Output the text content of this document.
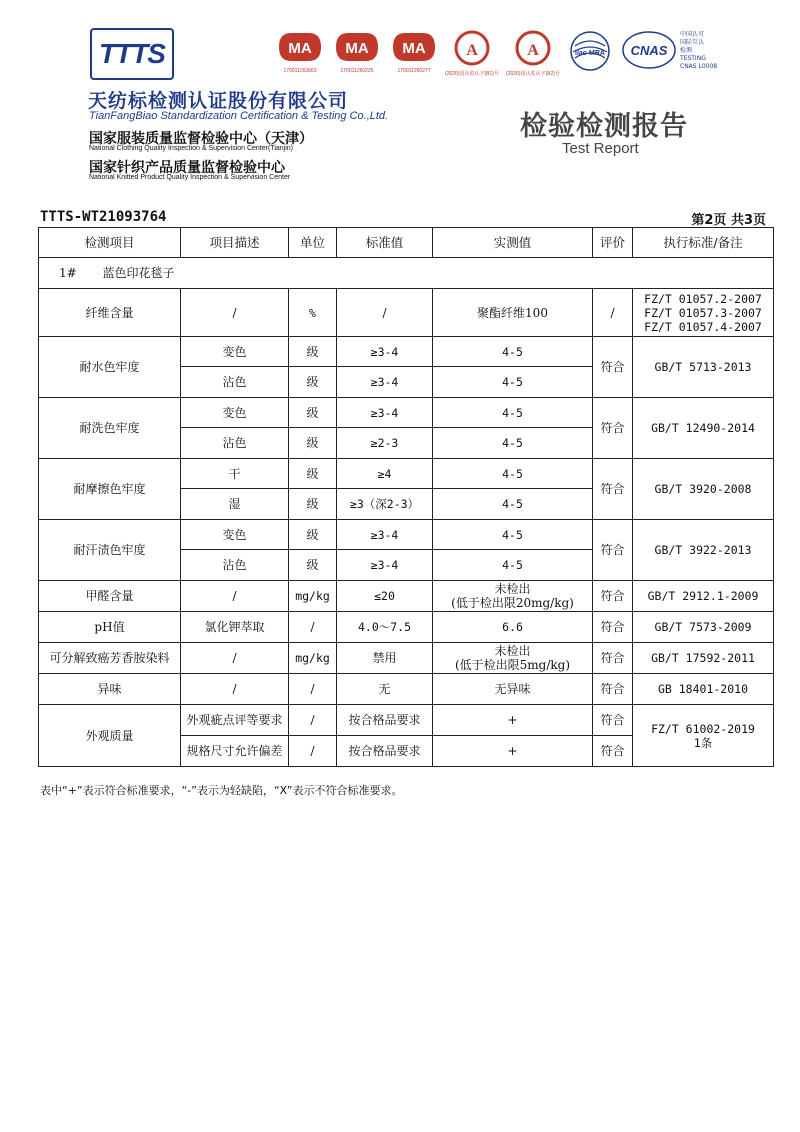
TTTS
天纺标检测认证股份有限公司
TianFangBiao Standardization Certification & Testing Co.,Ltd.
国家服装质量监督检验中心（天津）
National Clothing Quality Inspection & Supervision Center(Tianjin)
国家针织产品质量监督检验中心
National Knitted Product Quality Inspection & Supervision Center
检验检测报告
Test Report
MA
170011263663
MA
170011260226
MA
170011260277
A
(2020)国认监认字(B1)号
A
(2020)国认监认字(B2)号
ilac-MRA CNAS
中国认可
国际互认
检测
TESTING
CNAS L0008
TTTS-WT21093764	第2页 共3页
检测项目	项目描述	单位	标准值	实测值	评价	执行标准/备注
1# 蓝色印花毯子						
纤维含量	/	%	/	聚酯纤维100	/	FZ/T 01057.2-2007
FZ/T 01057.3-2007
FZ/T 01057.4-2007

耐水色牢度	变色	级	≥3-4	4-5	符合	GB/T 5713-2013
	沾色	级	≥3-4	4-5		
耐洗色牢度	变色	级	≥3-4	4-5	符合	GB/T 12490-2014
	沾色	级	≥2-3	4-5		
耐摩擦色牢度	干	级	≥4	4-5	符合	GB/T 3920-2008
	湿	级	≥3（深2-3）	4-5		
耐汗渍色牢度	变色	级	≥3-4	4-5	符合	GB/T 3922-2013
	沾色	级	≥3-4	4-5		
甲醛含量	/	mg/kg	≤20	未检出
(低于检出限20mg/kg)	符合	GB/T 2912.1-2009
pH值	氯化钾萃取	/	4.0～7.5	6.6	符合	GB/T 7573-2009
可分解致癌芳香胺染料	/	mg/kg	禁用	未检出
(低于检出限5mg/kg)	符合	GB/T 17592-2011
异味	/	/	无	无异味	符合	GB 18401-2010
外观质量	外观疵点评等要求	/	按合格品要求	+	符合	FZ/T 61002-2019
1条

	规格尺寸允许偏差	/	按合格品要求	+	符合	
表中“+”表示符合标准要求，“-”表示为轻缺陷，“X”表示不符合标准要求。
